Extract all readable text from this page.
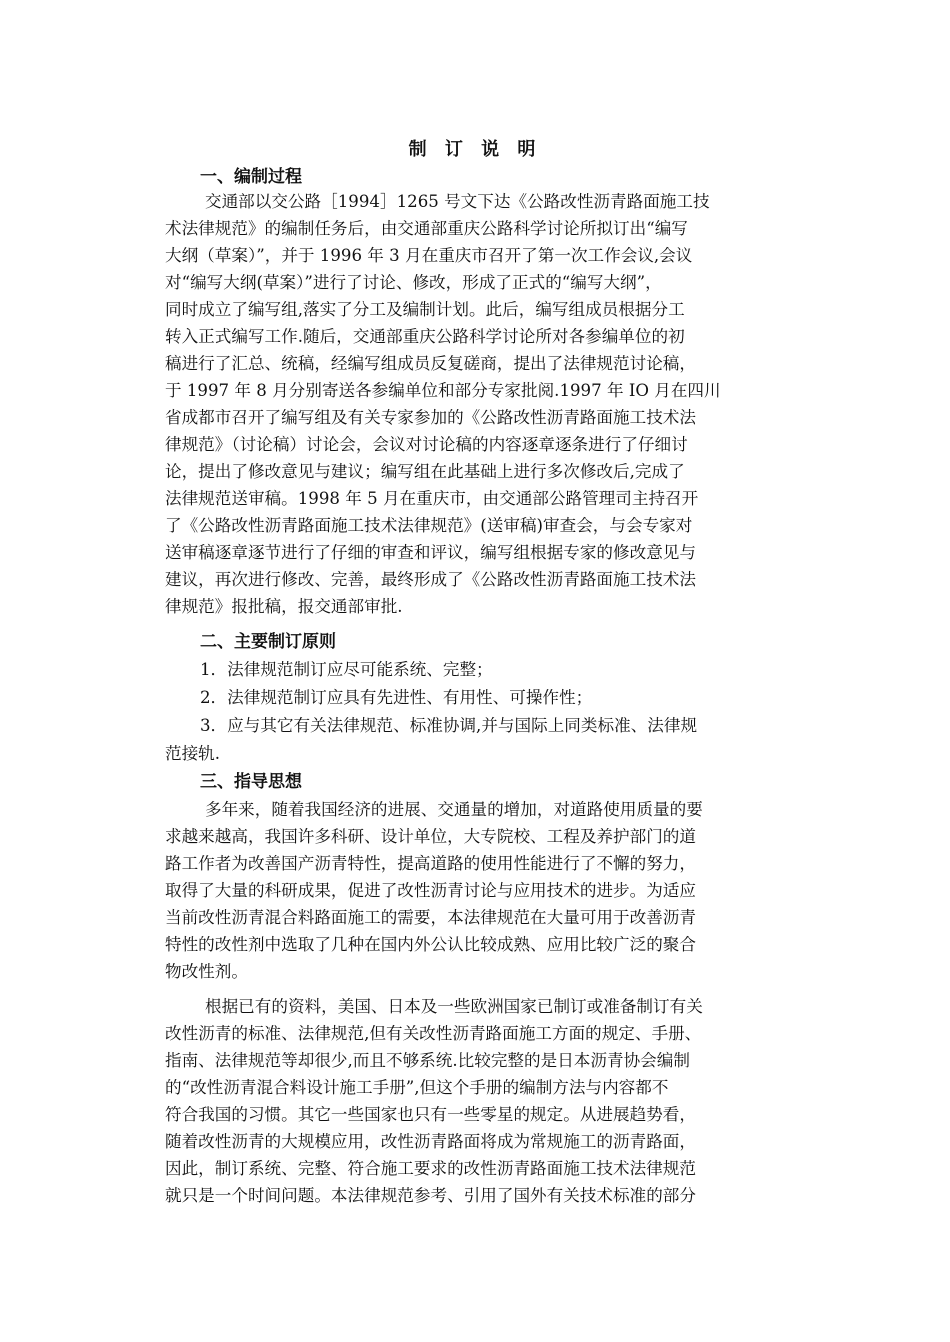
制 订 说 明
一、编制过程
交通部以交公路［1994］1265 号文下达《公路改性沥青路面施工技
术法律规范》的编制任务后，由交通部重庆公路科学讨论所拟订出“编写
大纲（草案）”，并于 1996 年 3 月在重庆市召开了第一次工作会议,会议
对“编写大纲(草案）”进行了讨论、修改，形成了正式的“编写大纲”，
同时成立了编写组,落实了分工及编制计划。此后，编写组成员根据分工
转入正式编写工作.随后，交通部重庆公路科学讨论所对各参编单位的初
稿进行了汇总、统稿，经编写组成员反复磋商，提出了法律规范讨论稿，
于 1997 年 8 月分别寄送各参编单位和部分专家批阅.1997 年 IO 月在四川
省成都市召开了编写组及有关专家参加的《公路改性沥青路面施工技术法
律规范》（讨论稿）讨论会，会议对讨论稿的内容逐章逐条进行了仔细讨
论，提出了修改意见与建议；编写组在此基础上进行多次修改后,完成了
法律规范送审稿。1998 年 5 月在重庆市，由交通部公路管理司主持召开
了《公路改性沥青路面施工技术法律规范》(送审稿)审查会，与会专家对
送审稿逐章逐节进行了仔细的审查和评议，编写组根据专家的修改意见与
建议，再次进行修改、完善，最终形成了《公路改性沥青路面施工技术法
律规范》报批稿，报交通部审批.
二、主要制订原则
1．法律规范制订应尽可能系统、完整；
2．法律规范制订应具有先进性、有用性、可操作性；
3．应与其它有关法律规范、标准协调,并与国际上同类标准、法律规
范接轨.
三、指导思想
多年来，随着我国经济的进展、交通量的增加，对道路使用质量的要
求越来越高，我国许多科研、设计单位，大专院校、工程及养护部门的道
路工作者为改善国产沥青特性，提高道路的使用性能进行了不懈的努力，
取得了大量的科研成果，促进了改性沥青讨论与应用技术的进步。为适应
当前改性沥青混合料路面施工的需要，本法律规范在大量可用于改善沥青
特性的改性剂中选取了几种在国内外公认比较成熟、应用比较广泛的聚合
物改性剂。
根据已有的资料，美国、日本及一些欧洲国家已制订或准备制订有关
改性沥青的标准、法律规范,但有关改性沥青路面施工方面的规定、手册、
指南、法律规范等却很少,而且不够系统.比较完整的是日本沥青协会编制
的“改性沥青混合料设计施工手册”,但这个手册的编制方法与内容都不
符合我国的习惯。其它一些国家也只有一些零星的规定。从进展趋势看，
随着改性沥青的大规模应用，改性沥青路面将成为常规施工的沥青路面，
因此，制订系统、完整、符合施工要求的改性沥青路面施工技术法律规范
就只是一个时间问题。本法律规范参考、引用了国外有关技术标准的部分
